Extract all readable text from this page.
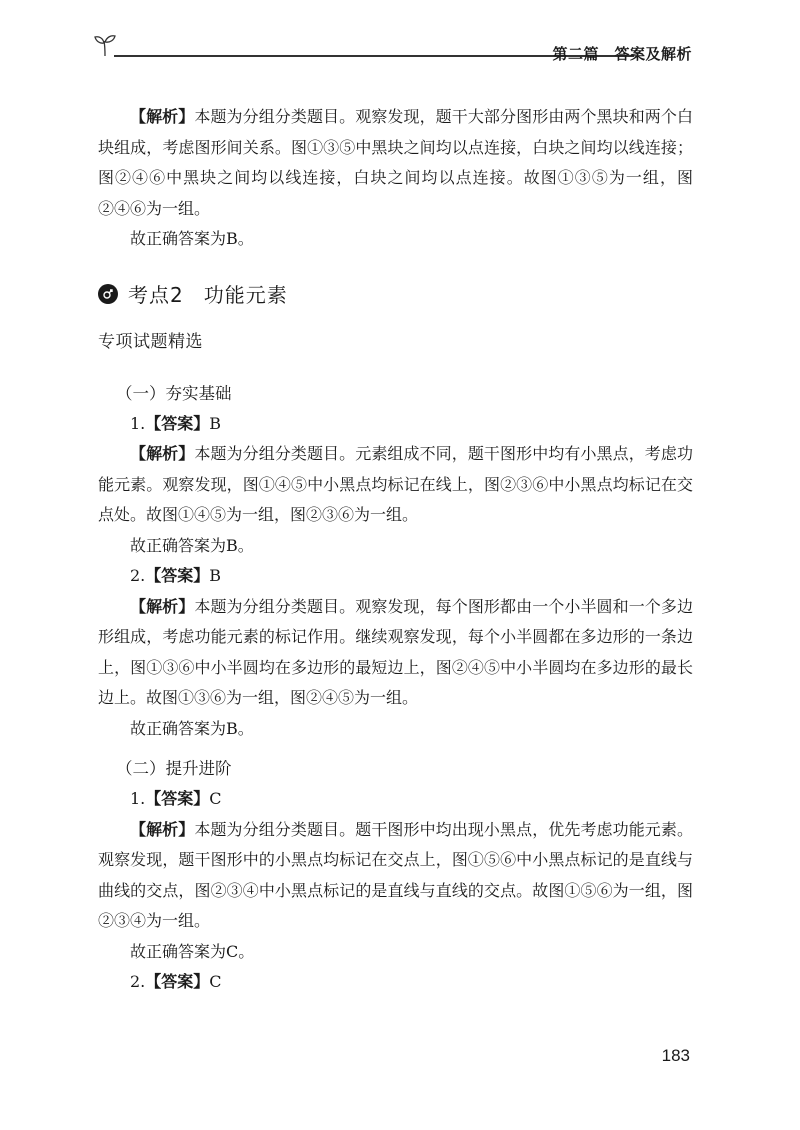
第二篇　答案及解析

【解析】本题为分组分类题目。观察发现，题干大部分图形由两个黑块和两个白块组成，考虑图形间关系。图①③⑤中黑块之间均以点连接，白块之间均以线连接；图②④⑥中黑块之间均以线连接，白块之间均以点连接。故图①③⑤为一组，图②④⑥为一组。

故正确答案为B。

考点2 功能元素
专项试题精选
（一）夯实基础

1.【答案】B

【解析】本题为分组分类题目。元素组成不同，题干图形中均有小黑点，考虑功能元素。观察发现，图①④⑤中小黑点均标记在线上，图②③⑥中小黑点均标记在交点处。故图①④⑤为一组，图②③⑥为一组。

故正确答案为B。

2.【答案】B

【解析】本题为分组分类题目。观察发现，每个图形都由一个小半圆和一个多边形组成，考虑功能元素的标记作用。继续观察发现，每个小半圆都在多边形的一条边上，图①③⑥中小半圆均在多边形的最短边上，图②④⑤中小半圆均在多边形的最长边上。故图①③⑥为一组，图②④⑤为一组。

故正确答案为B。

（二）提升进阶

1.【答案】C

【解析】本题为分组分类题目。题干图形中均出现小黑点，优先考虑功能元素。观察发现，题干图形中的小黑点均标记在交点上，图①⑤⑥中小黑点标记的是直线与曲线的交点，图②③④中小黑点标记的是直线与直线的交点。故图①⑤⑥为一组，图②③④为一组。

故正确答案为C。

2.【答案】C

183
